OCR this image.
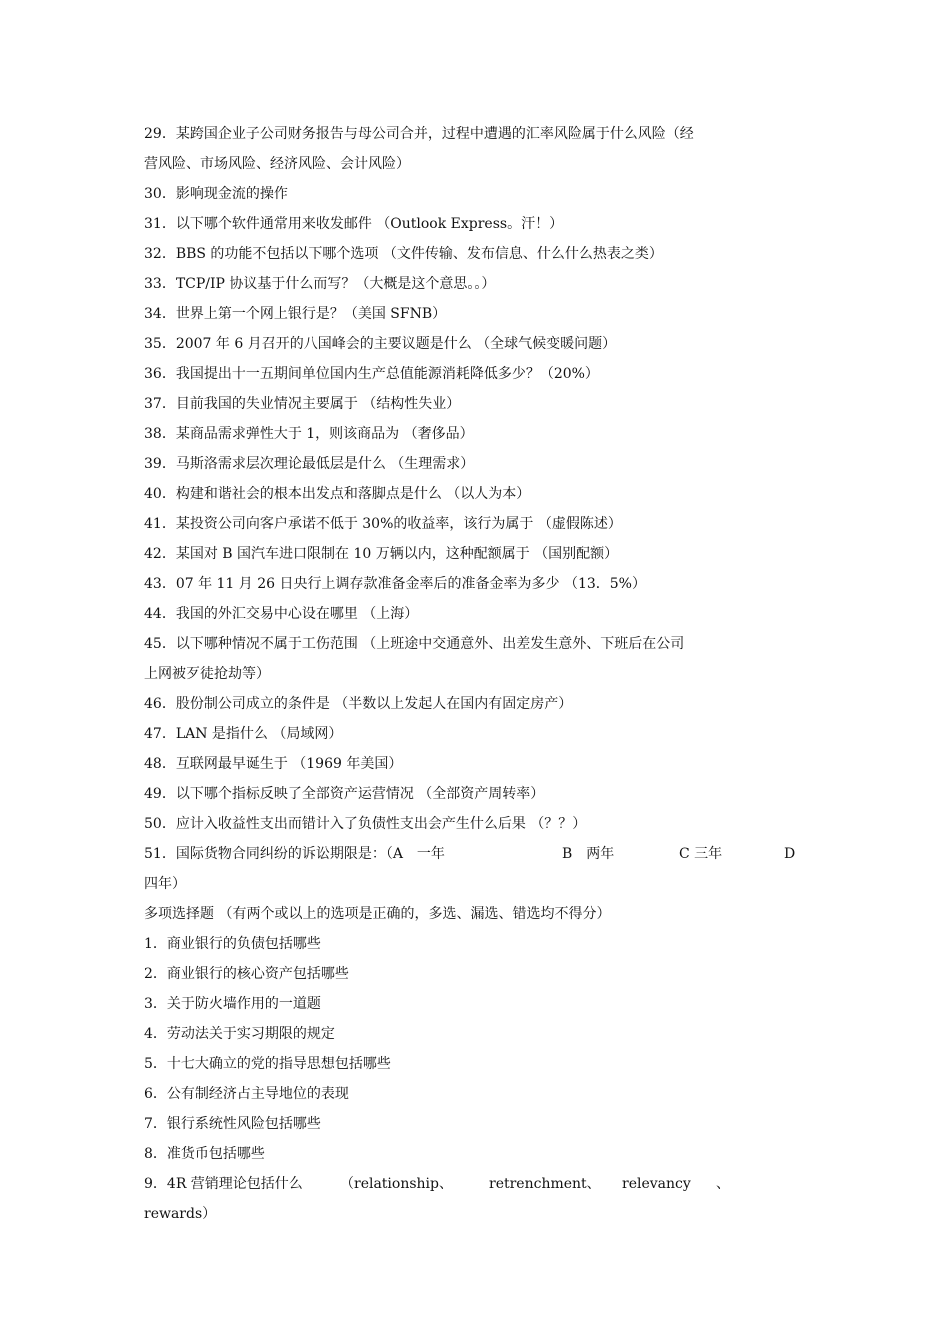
29．某跨国企业子公司财务报告与母公司合并，过程中遭遇的汇率风险属于什么风险（经
营风险、市场风险、经济风险、会计风险）
30．影响现金流的操作
31．以下哪个软件通常用来收发邮件 （Outlook Express。汗！）
32．BBS 的功能不包括以下哪个选项 （文件传输、发布信息、什么什么热表之类）
33．TCP/IP 协议基于什么而写？（大概是这个意思。。）
34．世界上第一个网上银行是？（美国 SFNB）
35．2007 年 6 月召开的八国峰会的主要议题是什么 （全球气候变暖问题）
36．我国提出十一五期间单位国内生产总值能源消耗降低多少？（20%）
37．目前我国的失业情况主要属于 （结构性失业）
38．某商品需求弹性大于 1，则该商品为 （奢侈品）
39．马斯洛需求层次理论最低层是什么 （生理需求）
40．构建和谐社会的根本出发点和落脚点是什么 （以人为本）
41．某投资公司向客户承诺不低于 30%的收益率，该行为属于 （虚假陈述）
42．某国对 B 国汽车进口限制在 10 万辆以内，这种配额属于 （国别配额）
43．07 年 11 月 26 日央行上调存款准备金率后的准备金率为多少 （13．5%）
44．我国的外汇交易中心设在哪里 （上海）
45．以下哪种情况不属于工伤范围 （上班途中交通意外、出差发生意外、下班后在公司
上网被歹徒抢劫等）
46．股份制公司成立的条件是 （半数以上发起人在国内有固定房产）
47．LAN 是指什么 （局域网）
48．互联网最早诞生于 （1969 年美国）
49．以下哪个指标反映了全部资产运营情况 （全部资产周转率）
50．应计入收益性支出而错计入了负债性支出会产生什么后果 （？？）
51．国际货物合同纠纷的诉讼期限是：（A　一年	B　两年	C 三年	D
四年）
多项选择题 （有两个或以上的选项是正确的，多选、漏选、错选均不得分）
1．商业银行的负债包括哪些
2．商业银行的核心资产包括哪些
3．关于防火墙作用的一道题
4．劳动法关于实习期限的规定
5．十七大确立的党的指导思想包括哪些
6．公有制经济占主导地位的表现
7．银行系统性风险包括哪些
8．准货币包括哪些
9．4R 营销理论包括什么	（relationship、	retrenchment、 relevancy 、
rewards）
